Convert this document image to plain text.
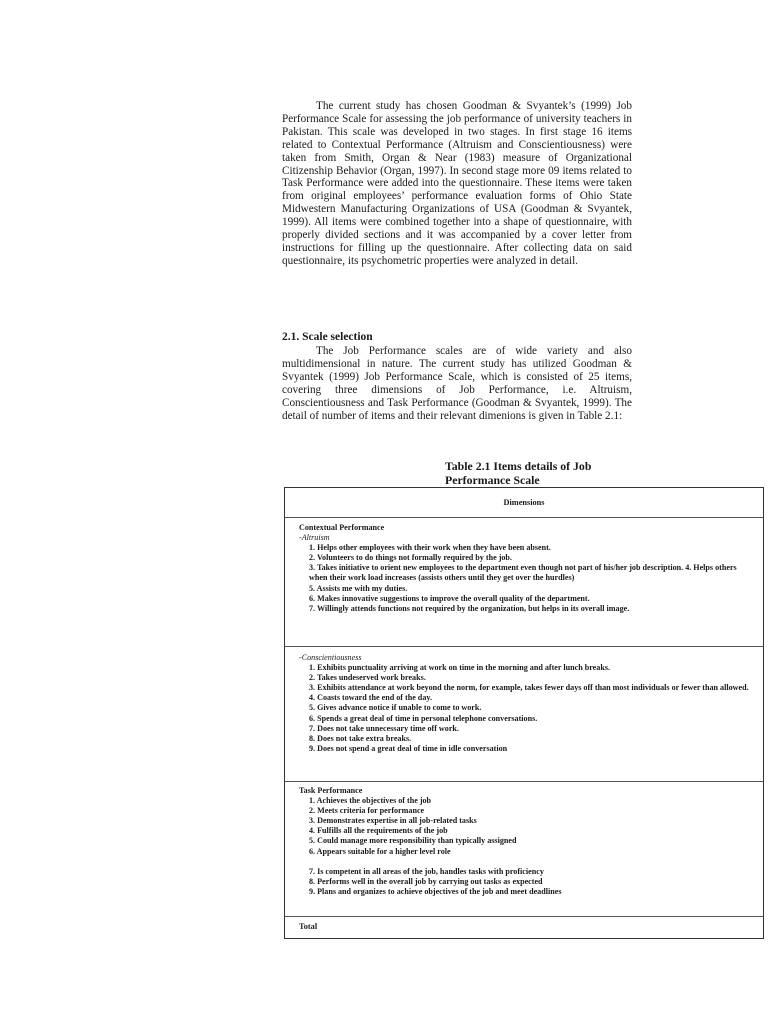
The current study has chosen Goodman & Svyantek’s (1999) Job Performance Scale for assessing the job performance of university teachers in Pakistan. This scale was developed in two stages. In first stage 16 items related to Contextual Performance (Altruism and Conscientiousness) were taken from Smith, Organ & Near (1983) measure of Organizational Citizenship Behavior (Organ, 1997). In second stage more 09 items related to Task Performance were added into the questionnaire. These items were taken from original employees’ performance evaluation forms of Ohio State Midwestern Manufacturing Organizations of USA (Goodman & Svyantek, 1999). All items were combined together into a shape of questionnaire, with properly divided sections and it was accompanied by a cover letter from instructions for filling up the questionnaire. After collecting data on said questionnaire, its psychometric properties were analyzed in detail.

2.1. Scale selection

The Job Performance scales are of wide variety and also multidimensional in nature. The current study has utilized Goodman & Svyantek (1999) Job Performance Scale, which is consisted of 25 items, covering three dimensions of Job Performance, i.e. Altruism, Conscientiousness and Task Performance (Goodman & Svyantek, 1999). The detail of number of items and their relevant dimenions is given in Table 2.1:

Table 2.1 Items details of Job Performance Scale

Dimensions
Contextual Performance
-Altruism
1. Helps other employees with their work when they have been absent.
2. Volunteers to do things not formally required by the job.
3. Takes initiative to orient new employees to the department even though not part of his/her job description. 4. Helps others when their work load increases (assists others until they get over the hurdles)
5. Assists me with my duties.
6. Makes innovative suggestions to improve the overall quality of the department.
7. Willingly attends functions not required by the organization, but helps in its overall image.
-Conscientiousness
1. Exhibits punctuality arriving at work on time in the morning and after lunch breaks.
2. Takes undeserved work breaks.
3. Exhibits attendance at work beyond the norm, for example, takes fewer days off than most individuals or fewer than allowed.
4. Coasts toward the end of the day.
5. Gives advance notice if unable to come to work.
6. Spends a great deal of time in personal telephone conversations.
7. Does not take unnecessary time off work.
8. Does not take extra breaks.
9. Does not spend a great deal of time in idle conversation
Task Performance
1. Achieves the objectives of the job
2. Meets criteria for performance
3. Demonstrates expertise in all job-related tasks
4. Fulfills all the requirements of the job
5. Could manage more responsibility than typically assigned
6. Appears suitable for a higher level role
7. Is competent in all areas of the job, handles tasks with proficiency
8. Performs well in the overall job by carrying out tasks as expected
9. Plans and organizes to achieve objectives of the job and meet deadlines
Total
